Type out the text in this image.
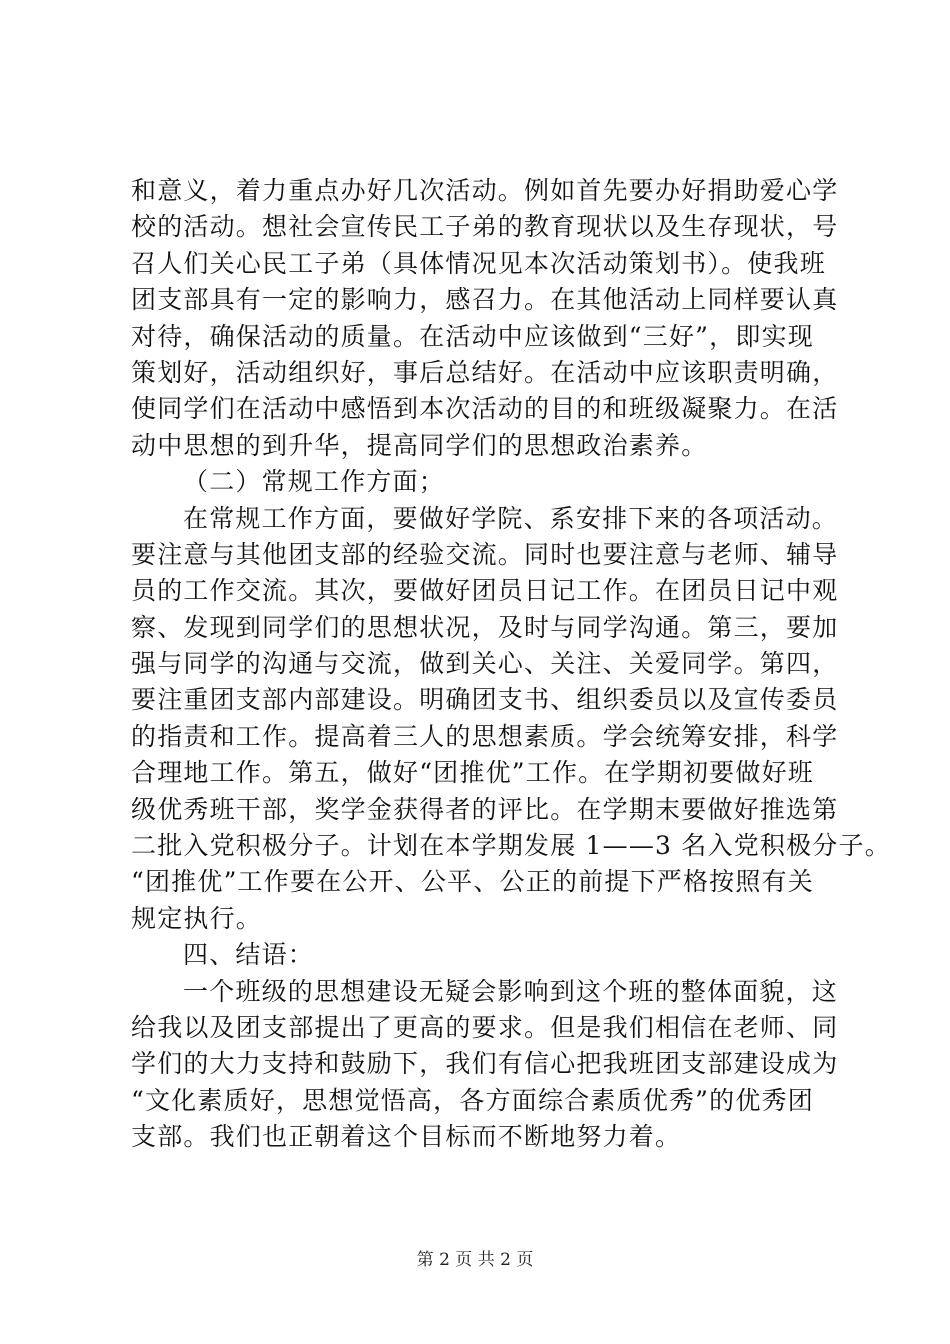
和意义，着力重点办好几次活动。例如首先要办好捐助爱心学
校的活动。想社会宣传民工子弟的教育现状以及生存现状，号
召人们关心民工子弟（具体情况见本次活动策划书）。使我班
团支部具有一定的影响力，感召力。在其他活动上同样要认真
对待，确保活动的质量。在活动中应该做到“三好”，即实现
策划好，活动组织好，事后总结好。在活动中应该职责明确，
使同学们在活动中感悟到本次活动的目的和班级凝聚力。在活
动中思想的到升华，提高同学们的思想政治素养。
（二）常规工作方面；
在常规工作方面，要做好学院、系安排下来的各项活动。
要注意与其他团支部的经验交流。同时也要注意与老师、辅导
员的工作交流。其次，要做好团员日记工作。在团员日记中观
察、发现到同学们的思想状况，及时与同学沟通。第三，要加
强与同学的沟通与交流，做到关心、关注、关爱同学。第四，
要注重团支部内部建设。明确团支书、组织委员以及宣传委员
的指责和工作。提高着三人的思想素质。学会统筹安排，科学
合理地工作。第五，做好“团推优”工作。在学期初要做好班
级优秀班干部，奖学金获得者的评比。在学期末要做好推选第
二批入党积极分子。计划在本学期发展 1——3 名入党积极分子。
“团推优”工作要在公开、公平、公正的前提下严格按照有关
规定执行。
四、结语：
一个班级的思想建设无疑会影响到这个班的整体面貌，这
给我以及团支部提出了更高的要求。但是我们相信在老师、同
学们的大力支持和鼓励下，我们有信心把我班团支部建设成为
“文化素质好，思想觉悟高，各方面综合素质优秀”的优秀团
支部。我们也正朝着这个目标而不断地努力着。
第 2 页 共 2 页
